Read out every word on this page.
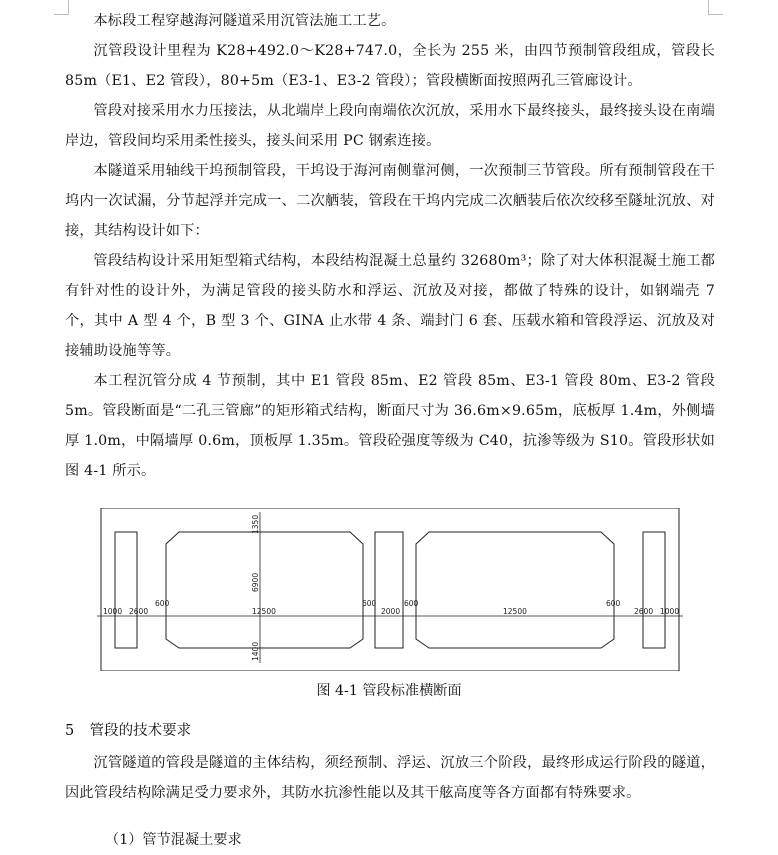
本标段工程穿越海河隧道采用沉管法施工工艺。

沉管段设计里程为 K28+492.0～K28+747.0，全长为 255 米，由四节预制管段组成，管段长 85m（E1、E2 管段），80+5m（E3-1、E3-2 管段）；管段横断面按照两孔三管廊设计。

管段对接采用水力压接法，从北端岸上段向南端依次沉放，采用水下最终接头，最终接头设在南端岸边，管段间均采用柔性接头，接头间采用 PC 钢索连接。

本隧道采用轴线干坞预制管段，干坞设于海河南侧靠河侧，一次预制三节管段。所有预制管段在干坞内一次试漏，分节起浮并完成一、二次舾装，管段在干坞内完成二次舾装后依次绞移至隧址沉放、对接，其结构设计如下：

管段结构设计采用矩型箱式结构，本段结构混凝土总量约 32680m³；除了对大体积混凝土施工都有针对性的设计外，为满足管段的接头防水和浮运、沉放及对接，都做了特殊的设计，如钢端壳 7 个，其中 A 型 4 个，B 型 3 个、GINA 止水带 4 条、端封门 6 套、压载水箱和管段浮运、沉放及对接辅助设施等等。

本工程沉管分成 4 节预制，其中 E1 管段 85m、E2 管段 85m、E3-1 管段 80m、E3-2 管段 5m。管段断面是“二孔三管廊”的矩形箱式结构，断面尺寸为 36.6m×9.65m，底板厚 1.4m，外侧墙厚 1.0m，中隔墙厚 0.6m，顶板厚 1.35m。管段砼强度等级为 C40，抗渗等级为 S10。管段形状如图 4-1 所示。

1000 2600
600
12500
1350
6900
1400
600
2000
600
12500
600
2600 1000
图 4-1 管段标准横断面
5 管段的技术要求

沉管隧道的管段是隧道的主体结构，须经预制、浮运、沉放三个阶段，最终形成运行阶段的隧道，因此管段结构除满足受力要求外，其防水抗渗性能以及其干舷高度等各方面都有特殊要求。

（1）管节混凝土要求
